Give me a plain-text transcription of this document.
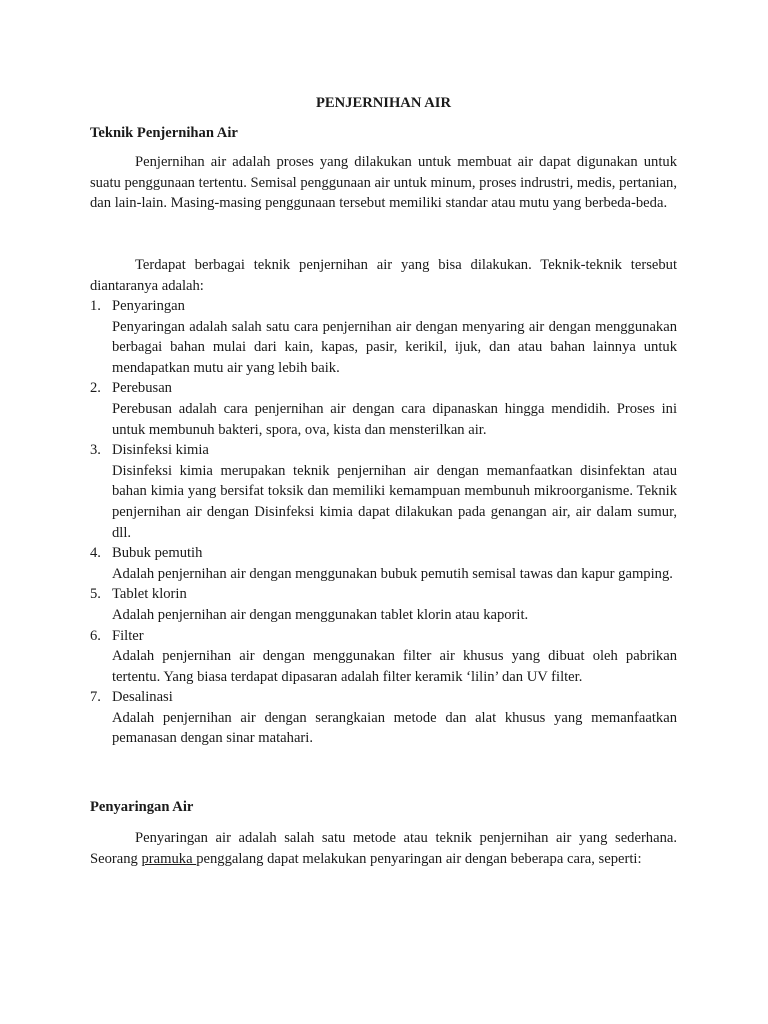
PENJERNIHAN AIR
Teknik Penjernihan Air

Penjernihan air adalah proses yang dilakukan untuk membuat air dapat digunakan untuk suatu penggunaan tertentu. Semisal penggunaan air untuk minum, proses indrustri, medis, pertanian, dan lain-lain. Masing-masing penggunaan tersebut memiliki standar atau mutu yang berbeda-beda.

Terdapat berbagai teknik penjernihan air yang bisa dilakukan. Teknik-teknik tersebut diantaranya adalah:

1. Penyaringan
Penyaringan adalah salah satu cara penjernihan air dengan menyaring air dengan menggunakan berbagai bahan mulai dari kain, kapas, pasir, kerikil, ijuk, dan atau bahan lainnya untuk mendapatkan mutu air yang lebih baik.
2. Perebusan
Perebusan adalah cara penjernihan air dengan cara dipanaskan hingga mendidih. Proses ini untuk membunuh bakteri, spora, ova, kista dan mensterilkan air.
3. Disinfeksi kimia
Disinfeksi kimia merupakan teknik penjernihan air dengan memanfaatkan disinfektan atau bahan kimia yang bersifat toksik dan memiliki kemampuan membunuh mikroorganisme. Teknik penjernihan air dengan Disinfeksi kimia dapat dilakukan pada genangan air, air dalam sumur, dll.
4. Bubuk pemutih
Adalah penjernihan air dengan menggunakan bubuk pemutih semisal tawas dan kapur gamping.
5. Tablet klorin
Adalah penjernihan air dengan menggunakan tablet klorin atau kaporit.
6. Filter
Adalah penjernihan air dengan menggunakan filter air khusus yang dibuat oleh pabrikan tertentu. Yang biasa terdapat dipasaran adalah filter keramik ‘lilin’ dan UV filter.
7. Desalinasi
Adalah penjernihan air dengan serangkaian metode dan alat khusus yang memanfaatkan pemanasan dengan sinar matahari.
Penyaringan Air

Penyaringan air adalah salah satu metode atau teknik penjernihan air yang sederhana. Seorang pramuka penggalang dapat melakukan penyaringan air dengan beberapa cara, seperti:
